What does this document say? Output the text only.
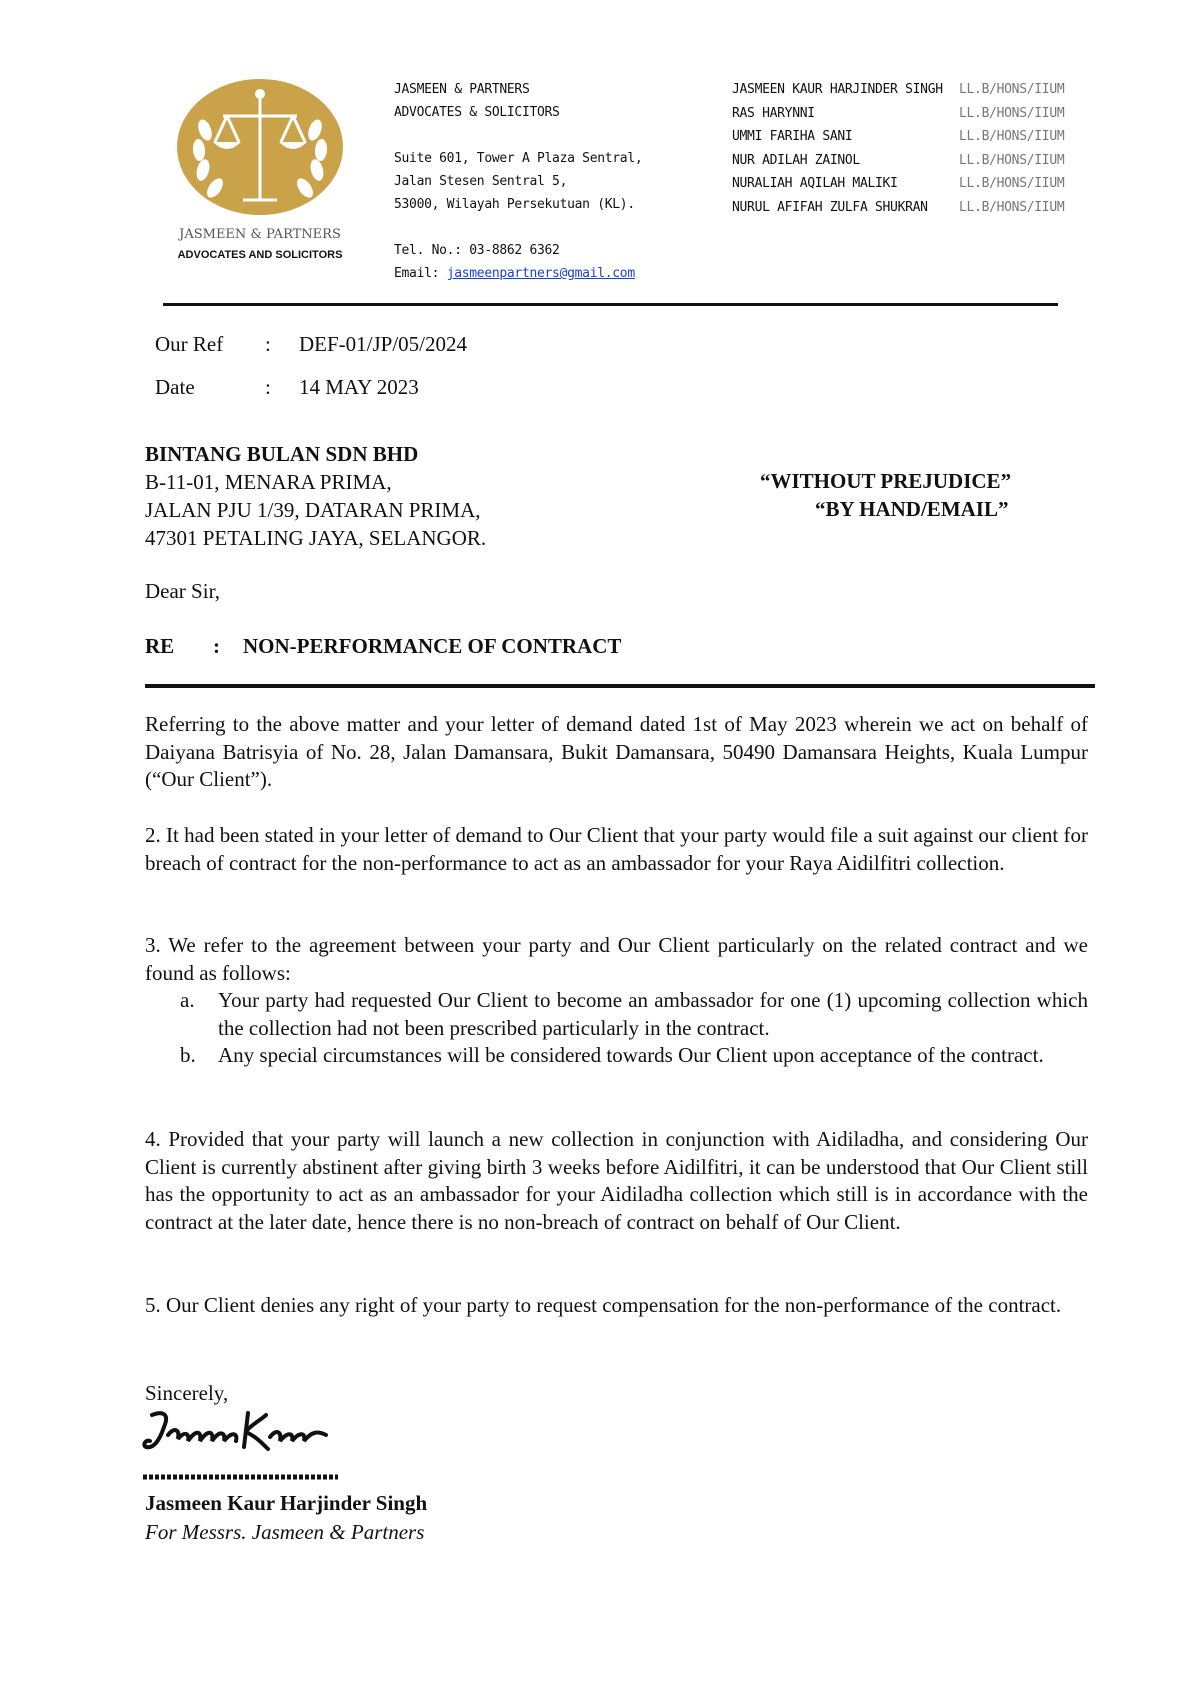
JASMEEN & PARTNERS
ADVOCATES AND SOLICITORS
JASMEEN & PARTNERS
ADVOCATES & SOLICITORS
Suite 601, Tower A Plaza Sentral,
Jalan Stesen Sentral 5,
53000, Wilayah Persekutuan (KL).
Tel. No.: 03-8862 6362
Email: jasmeenpartners@gmail.com
JASMEEN KAUR HARJINDER SINGH	LL.B/HONS/IIUM
RAS HARYNNI	LL.B/HONS/IIUM
UMMI FARIHA SANI	LL.B/HONS/IIUM
NUR ADILAH ZAINOL	LL.B/HONS/IIUM
NURALIAH AQILAH MALIKI	LL.B/HONS/IIUM
NURUL AFIFAH ZULFA SHUKRAN	LL.B/HONS/IIUM
Our Ref	:	DEF-01/JP/05/2024
Date	:	14 MAY 2023
BINTANG BULAN SDN BHD
B-11-01, MENARA PRIMA,
JALAN PJU 1/39, DATARAN PRIMA,
47301 PETALING JAYA, SELANGOR.
“WITHOUT PREJUDICE”
“BY HAND/EMAIL”
Dear Sir,
RE	:	NON-PERFORMANCE OF CONTRACT
Referring to the above matter and your letter of demand dated 1st of May 2023 wherein we act on behalf of Daiyana Batrisyia of No. 28, Jalan Damansara, Bukit Damansara, 50490 Damansara Heights, Kuala Lumpur (“Our Client”).
2. It had been stated in your letter of demand to Our Client that your party would file a suit against our client for breach of contract for the non-performance to act as an ambassador for your Raya Aidilfitri collection.
3. We refer to the agreement between your party and Our Client particularly on the related contract and we found as follows:
a.	Your party had requested Our Client to become an ambassador for one (1) upcoming collection which the collection had not been prescribed particularly in the contract.
b.	Any special circumstances will be considered towards Our Client upon acceptance of the contract.
4. Provided that your party will launch a new collection in conjunction with Aidiladha, and considering Our Client is currently abstinent after giving birth 3 weeks before Aidilfitri, it can be understood that Our Client still has the opportunity to act as an ambassador for your Aidiladha collection which still is in accordance with the contract at the later date, hence there is no non-breach of contract on behalf of Our Client.
5. Our Client denies any right of your party to request compensation for the non-performance of the contract.
Sincerely,
Jasmeen Kaur Harjinder Singh
For Messrs. Jasmeen & Partners
